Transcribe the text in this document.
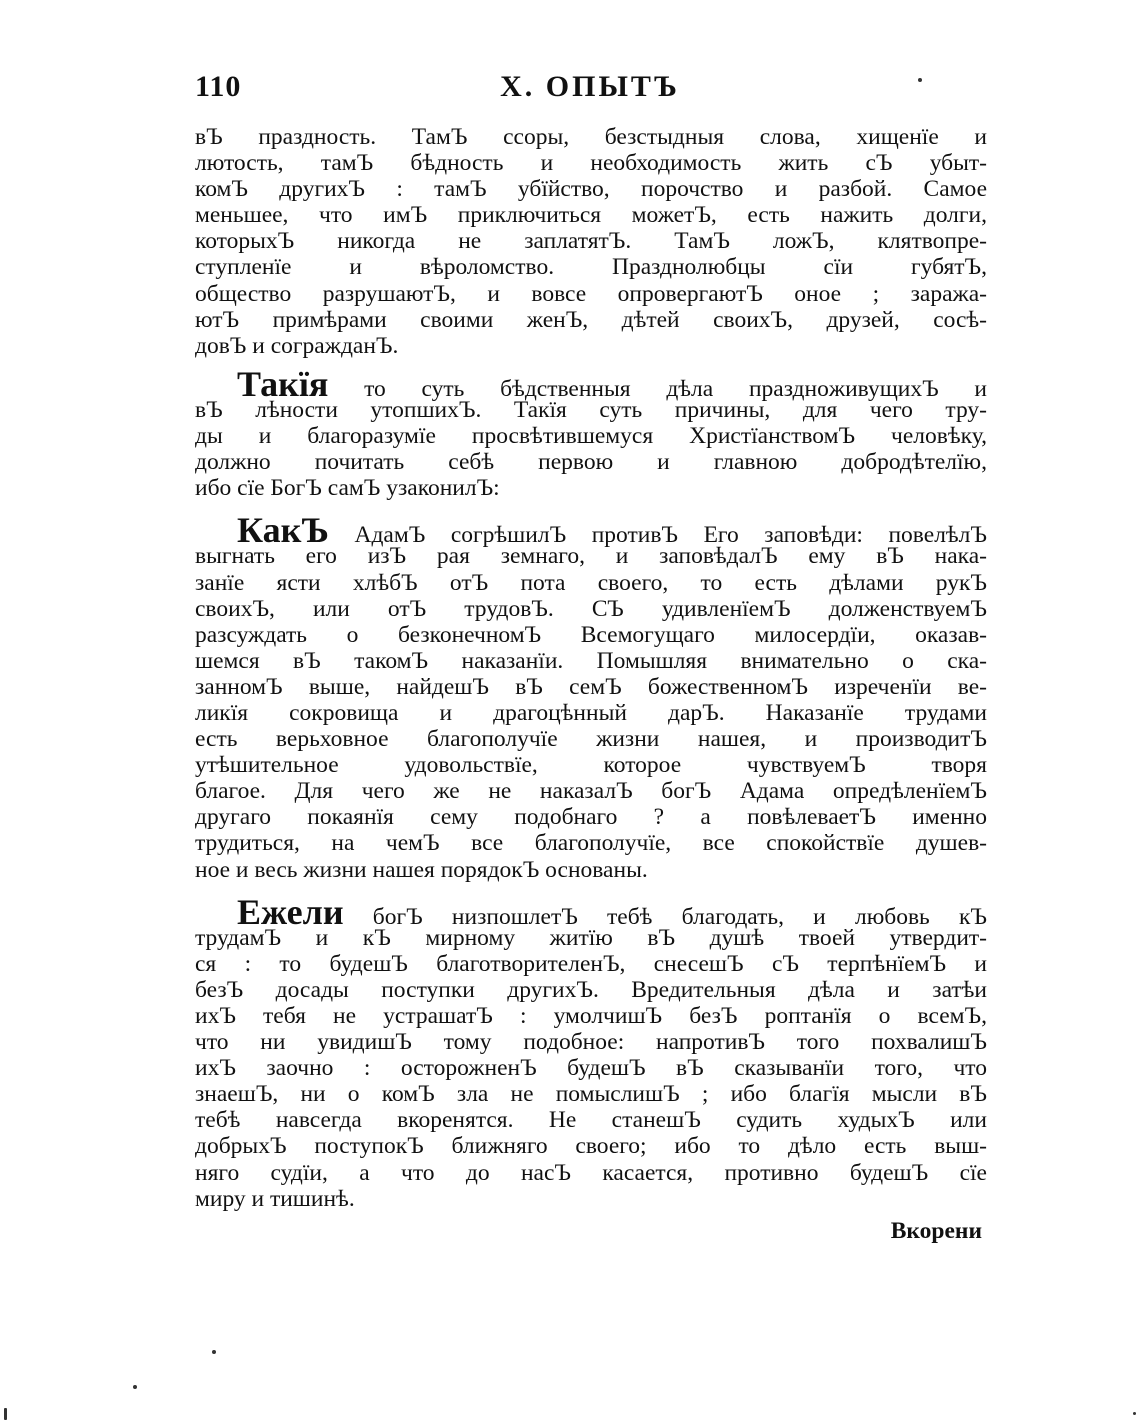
110	X. ОПЫТЪ
вЪ праздность. ТамЪ ссоры, безстыдныя слова, хищенїе и
лютость, тамЪ бѣдность и необходимость жить сЪ убыт-
комЪ другихЪ : тамЪ убїйство, порочство и разбой. Самое
меньшее, что имЪ приключиться можетЪ, есть нажить долги,
которыхЪ никогда не заплатятЪ. ТамЪ ложЪ, клятвопре-
ступленїе и вѣроломство. Празднолюбцы сїи губятЪ,
общество разрушаютЪ, и вовсе опровергаютЪ оное ; заража-
ютЪ примѣрами своими женЪ, дѣтей своихЪ, друзей, сосѣ-
довЪ и согражданЪ.
Такїя то суть бѣдственныя дѣла празднoживущихЪ и
вЪ лѣности утопшихЪ. Такїя суть причины, для чего тру-
ды и благоразумїе просвѣтившемуся ХристїанствомЪ человѣку,
должно почитать себѣ первою и главною добродѣтелїю,
ибо сїе БогЪ самЪ узаконилЪ:
КакЪ АдамЪ согрѣшилЪ противЪ Его заповѣди: повелѣлЪ
выгнать его изЪ рая земнаго, и заповѣдалЪ ему вЪ нака-
занїе ясти хлѣбЪ отЪ пота своего, то есть дѣлами рукЪ
своихЪ, или отЪ трудовЪ. СЪ удивленїемЪ долженствуемЪ
разсуждать о безконечномЪ Всемогущаго милосердїи, оказав-
шемся вЪ такомЪ наказанїи. Помышляя внимательно о ска-
занномЪ выше, найдешЪ вЪ семЪ божественномЪ изреченїи ве-
ликїя сокровища и драгоцѣнный дарЪ. Наказанїе трудами
есть верьховное благополучїе жизни нашея, и производитЪ
утѣшительное удовольствїе, которое чувствуемЪ творя
благое. Для чего же не наказалЪ богЪ Адама опредѣленїемЪ
другаго покаянїя сему подобнаго ? а повѣлеваетЪ именно
трудиться, на чемЪ все благополучїе, все спокойствїе душев-
ное и весь жизни нашея порядокЪ основаны.
Ежели богЪ низпошлетЪ тебѣ благодать, и любовь кЪ
трудамЪ и кЪ мирному житїю вЪ душѣ твоей утвердит-
ся : то будешЪ благотворителенЪ, снесешЪ сЪ терпѣнїемЪ и
безЪ досады поступки другихЪ. Вредительныя дѣла и затѣи
ихЪ тебя не устрашатЪ : умолчишЪ безЪ роптанїя о всемЪ,
что ни увидишЪ тому подобное: напротивЪ того похвалишЪ
ихЪ заочно : осторожненЪ будешЪ вЪ сказыванїи того, что
знаешЪ, ни о комЪ зла не помыслишЪ ; ибо благїя мысли вЪ
тебѣ навсегда вкоренятся. Не станешЪ судить худыхЪ или
добрыхЪ поступокЪ ближняго своего; ибо то дѣло есть выш-
няго судїи, а что до насЪ касается, противно будешЪ сїе
миру и тишинѣ.
Вкорени
